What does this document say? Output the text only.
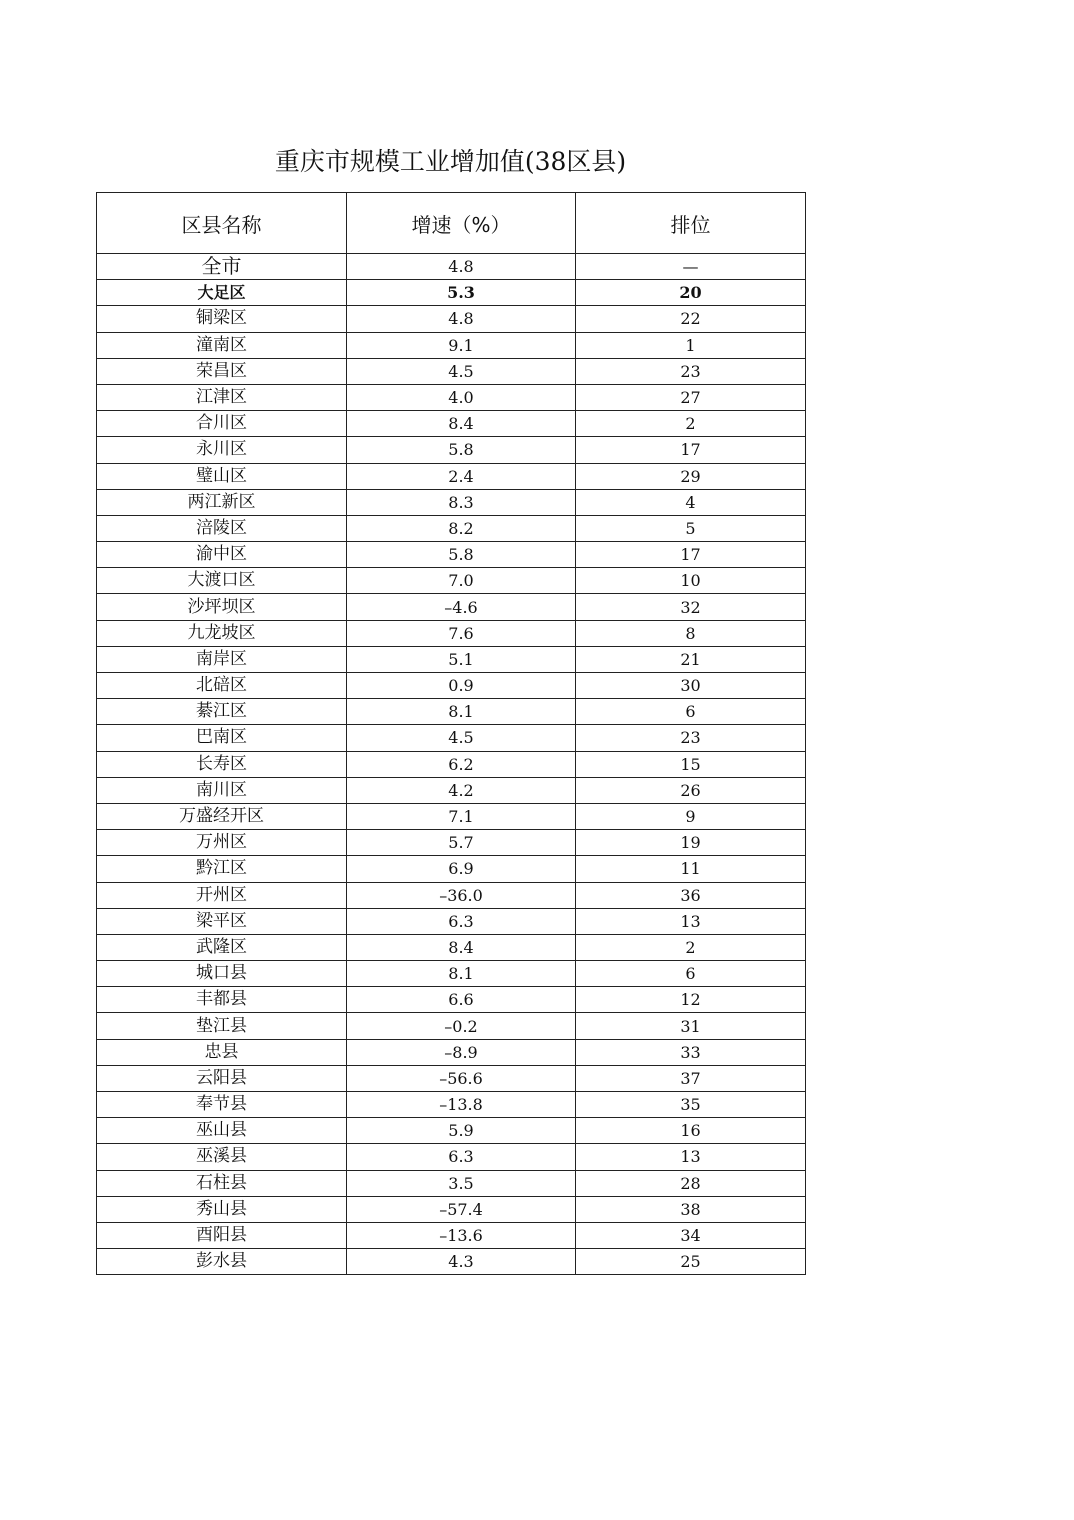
重庆市规模工业增加值(38区县)
区县名称	增速（%）	排位
全市	4.8	—
大足区	5.3	20
铜梁区	4.8	22
潼南区	9.1	1
荣昌区	4.5	23
江津区	4.0	27
合川区	8.4	2
永川区	5.8	17
璧山区	2.4	29
两江新区	8.3	4
涪陵区	8.2	5
渝中区	5.8	17
大渡口区	7.0	10
沙坪坝区	–4.6	32
九龙坡区	7.6	8
南岸区	5.1	21
北碚区	0.9	30
綦江区	8.1	6
巴南区	4.5	23
长寿区	6.2	15
南川区	4.2	26
万盛经开区	7.1	9
万州区	5.7	19
黔江区	6.9	11
开州区	–36.0	36
梁平区	6.3	13
武隆区	8.4	2
城口县	8.1	6
丰都县	6.6	12
垫江县	–0.2	31
忠县	–8.9	33
云阳县	–56.6	37
奉节县	–13.8	35
巫山县	5.9	16
巫溪县	6.3	13
石柱县	3.5	28
秀山县	–57.4	38
酉阳县	–13.6	34
彭水县	4.3	25
